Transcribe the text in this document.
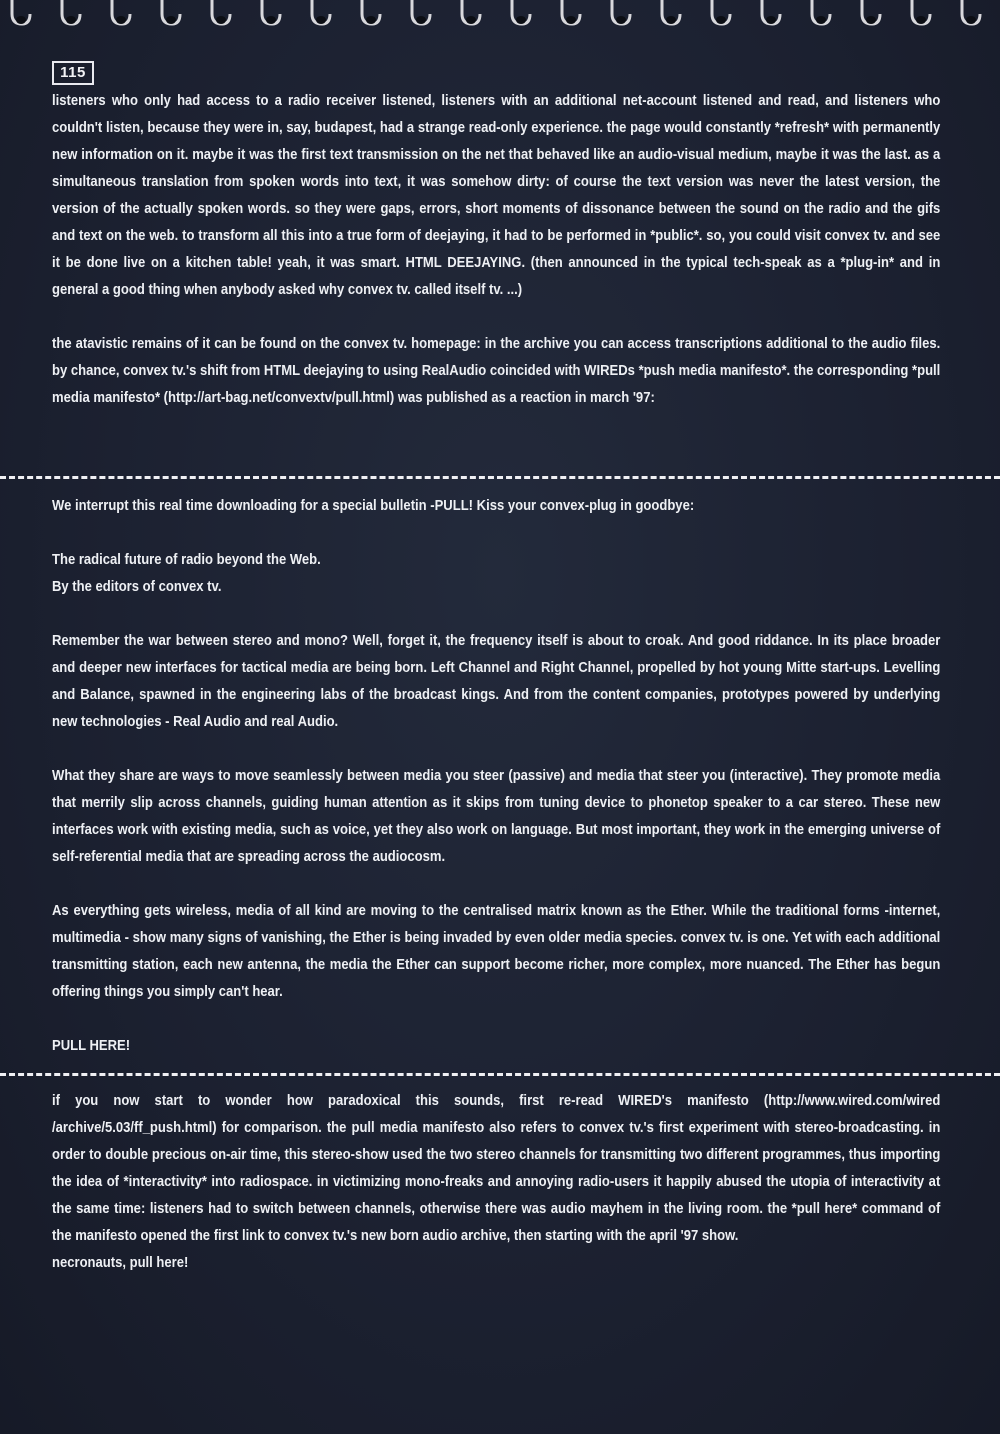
115

listeners who only had access to a radio receiver listened, listeners with an additional net-account listened and read, and listeners who couldn't listen, because they were in, say, budapest, had a strange read-only experience. the page would constantly *refresh* with permanently new information on it. maybe it was the first text transmission on the net that behaved like an audio-visual medium, maybe it was the last. as a simultaneous translation from spoken words into text, it was somehow dirty: of course the text version was never the latest version, the version of the actually spoken words. so they were gaps, errors, short moments of dissonance between the sound on the radio and the gifs and text on the web. to transform all this into a true form of deejaying, it had to be performed in *public*. so, you could visit convex tv. and see it be done live on a kitchen table! yeah, it was smart. HTML DEEJAYING. (then announced in the typical tech-speak as a *plug-in* and in general a good thing when anybody asked why convex tv. called itself tv. ...)

the atavistic remains of it can be found on the convex tv. homepage: in the archive you can access transcriptions additional to the audio files. by chance, convex tv.'s shift from HTML deejaying to using RealAudio coincided with WIREDs *push media manifesto*. the corresponding *pull media manifesto* (http://art-bag.net/convextv/pull.html) was published as a reaction in march '97:

We interrupt this real time downloading for a special bulletin -PULL! Kiss your convex-plug in goodbye:

The radical future of radio beyond the Web.

By the editors of convex tv.

Remember the war between stereo and mono? Well, forget it, the frequency itself is about to croak. And good riddance. In its place broader and deeper new interfaces for tactical media are being born. Left Channel and Right Channel, propelled by hot young Mitte start-ups. Levelling and Balance, spawned in the engineering labs of the broadcast kings. And from the content companies, prototypes powered by underlying new technologies - Real Audio and real Audio.

What they share are ways to move seamlessly between media you steer (passive) and media that steer you (interactive). They promote media that merrily slip across channels, guiding human attention as it skips from tuning device to phonetop speaker to a car stereo. These new interfaces work with existing media, such as voice, yet they also work on language. But most important, they work in the emerging universe of self-referential media that are spreading across the audiocosm.

As everything gets wireless, media of all kind are moving to the centralised matrix known as the Ether. While the traditional forms -internet, multimedia - show many signs of vanishing, the Ether is being invaded by even older media species. convex tv. is one. Yet with each additional transmitting station, each new antenna, the media the Ether can support become richer, more complex, more nuanced. The Ether has begun offering things you simply can't hear.

PULL HERE!

if you now start to wonder how paradoxical this sounds, first re-read WIRED's manifesto (http://www.wired.com/wired /archive/5.03/ff_push.html) for comparison. the pull media manifesto also refers to convex tv.'s first experiment with stereo-broadcasting. in order to double precious on-air time, this stereo-show used the two stereo channels for transmitting two different programmes, thus importing the idea of *interactivity* into radiospace. in victimizing mono-freaks and annoying radio-users it happily abused the utopia of interactivity at the same time: listeners had to switch between channels, otherwise there was audio mayhem in the living room. the *pull here* command of the manifesto opened the first link to convex tv.'s new born audio archive, then starting with the april '97 show.

necronauts, pull here!
